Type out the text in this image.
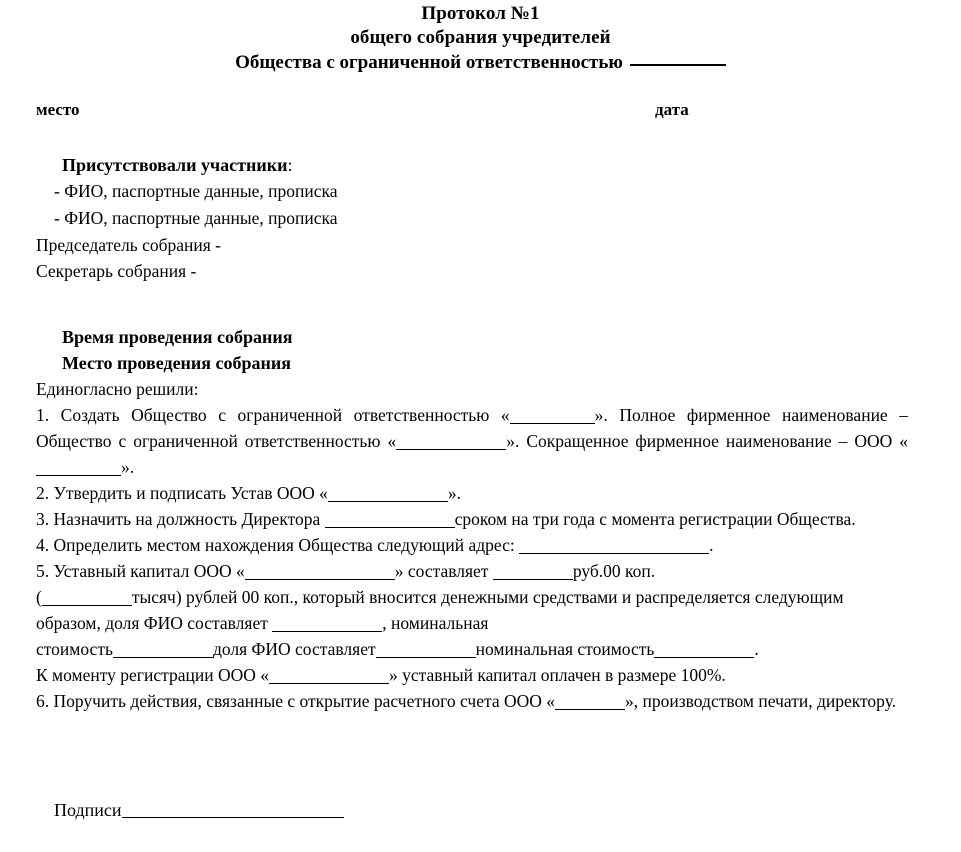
Протокол №1
общего собрания учредителей
Общества с ограниченной ответственностью
место	дата
Присутствовали участники:
- ФИО, паспортные данные, прописка
- ФИО, паспортные данные, прописка
Председатель собрания -
Секретарь собрания -
Время проведения собрания
Место проведения собрания
Единогласно решили:
1. Создать Общество с ограниченной ответственностью «	». Полное фирменное наименование – Общество с ограниченной ответственностью «	». Сокращенное фирменное наименование – ООО «».
2. Утвердить и подписать Устав ООО «	».
3. Назначить на должность Директора	сроком на три года с момента регистрации Общества.
4. Определить местом нахождения Общества следующий адрес:	.
5. Уставный капитал ООО «	» составляет	руб.00 коп.
(	тысяч) рублей 00 коп., который вносится денежными средствами и распределяется следующим образом, доля ФИО составляет	, номинальная
стоимость	доля ФИО составляет	номинальная стоимость	.
К моменту регистрации ООО «	» уставный капитал оплачен в размере 100%.
6. Поручить действия, связанные с открытие расчетного счета ООО «	», производством печати, директору.
Подписи
